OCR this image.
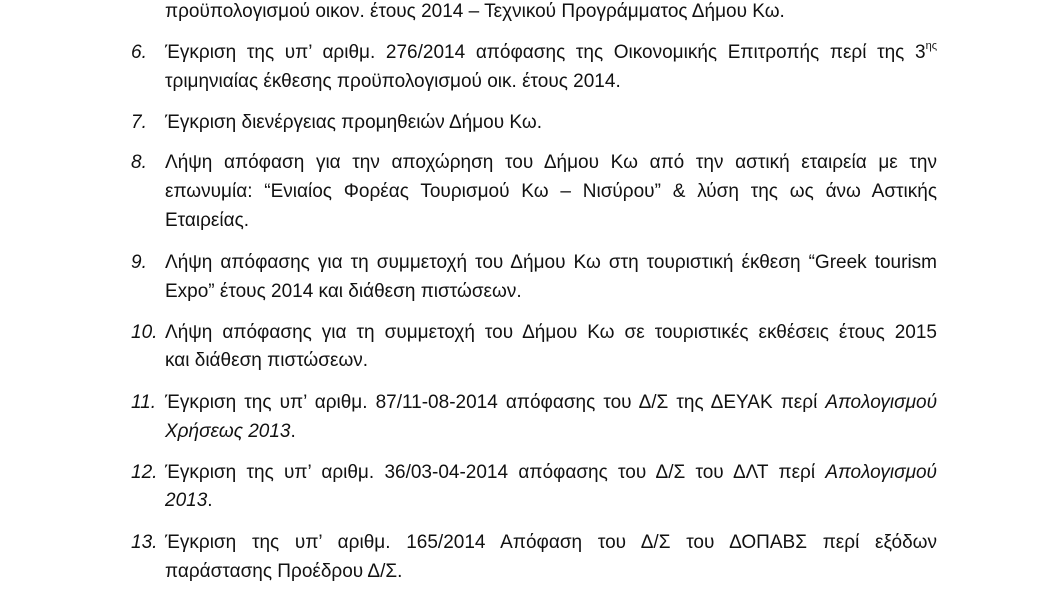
προϋπολογισμού οικον. έτους 2014 – Τεχνικού Προγράμματος Δήμου Κω.
6. Έγκριση της υπ’ αριθμ. 276/2014 απόφασης της Οικονομικής Επιτροπής περί της $3^{\eta\varsigma}$
τριμηνιαίας έκθεσης προϋπολογισμού οικ. έτους 2014.
7. Έγκριση διενέργειας προμηθειών Δήμου Κω.
8. Λήψη απόφαση για την αποχώρηση του Δήμου Κω από την αστική εταιρεία με την
επωνυμία: “Ενιαίος Φορέας Τουρισμού Κω – Νισύρου” & λύση της ως άνω Αστικής
Εταιρείας.
9. Λήψη απόφασης για τη συμμετοχή του Δήμου Κω στη τουριστική έκθεση “Greek tourism
Expo” έτους 2014 και διάθεση πιστώσεων.
10. Λήψη απόφασης για τη συμμετοχή του Δήμου Κω σε τουριστικές εκθέσεις έτους 2015
και διάθεση πιστώσεων.
11. Έγκριση της υπ’ αριθμ. 87/11-08-2014 απόφασης του Δ/Σ της ΔΕΥΑΚ περί Απολογισμού
Χρήσεως 2013.
12. Έγκριση της υπ’ αριθμ. 36/03-04-2014 απόφασης του Δ/Σ του ΔΛΤ περί Απολογισμού
2013.
13. Έγκριση της υπ’ αριθμ. 165/2014 Απόφαση του Δ/Σ του ΔΟΠΑΒΣ περί εξόδων
παράστασης Προέδρου Δ/Σ.
